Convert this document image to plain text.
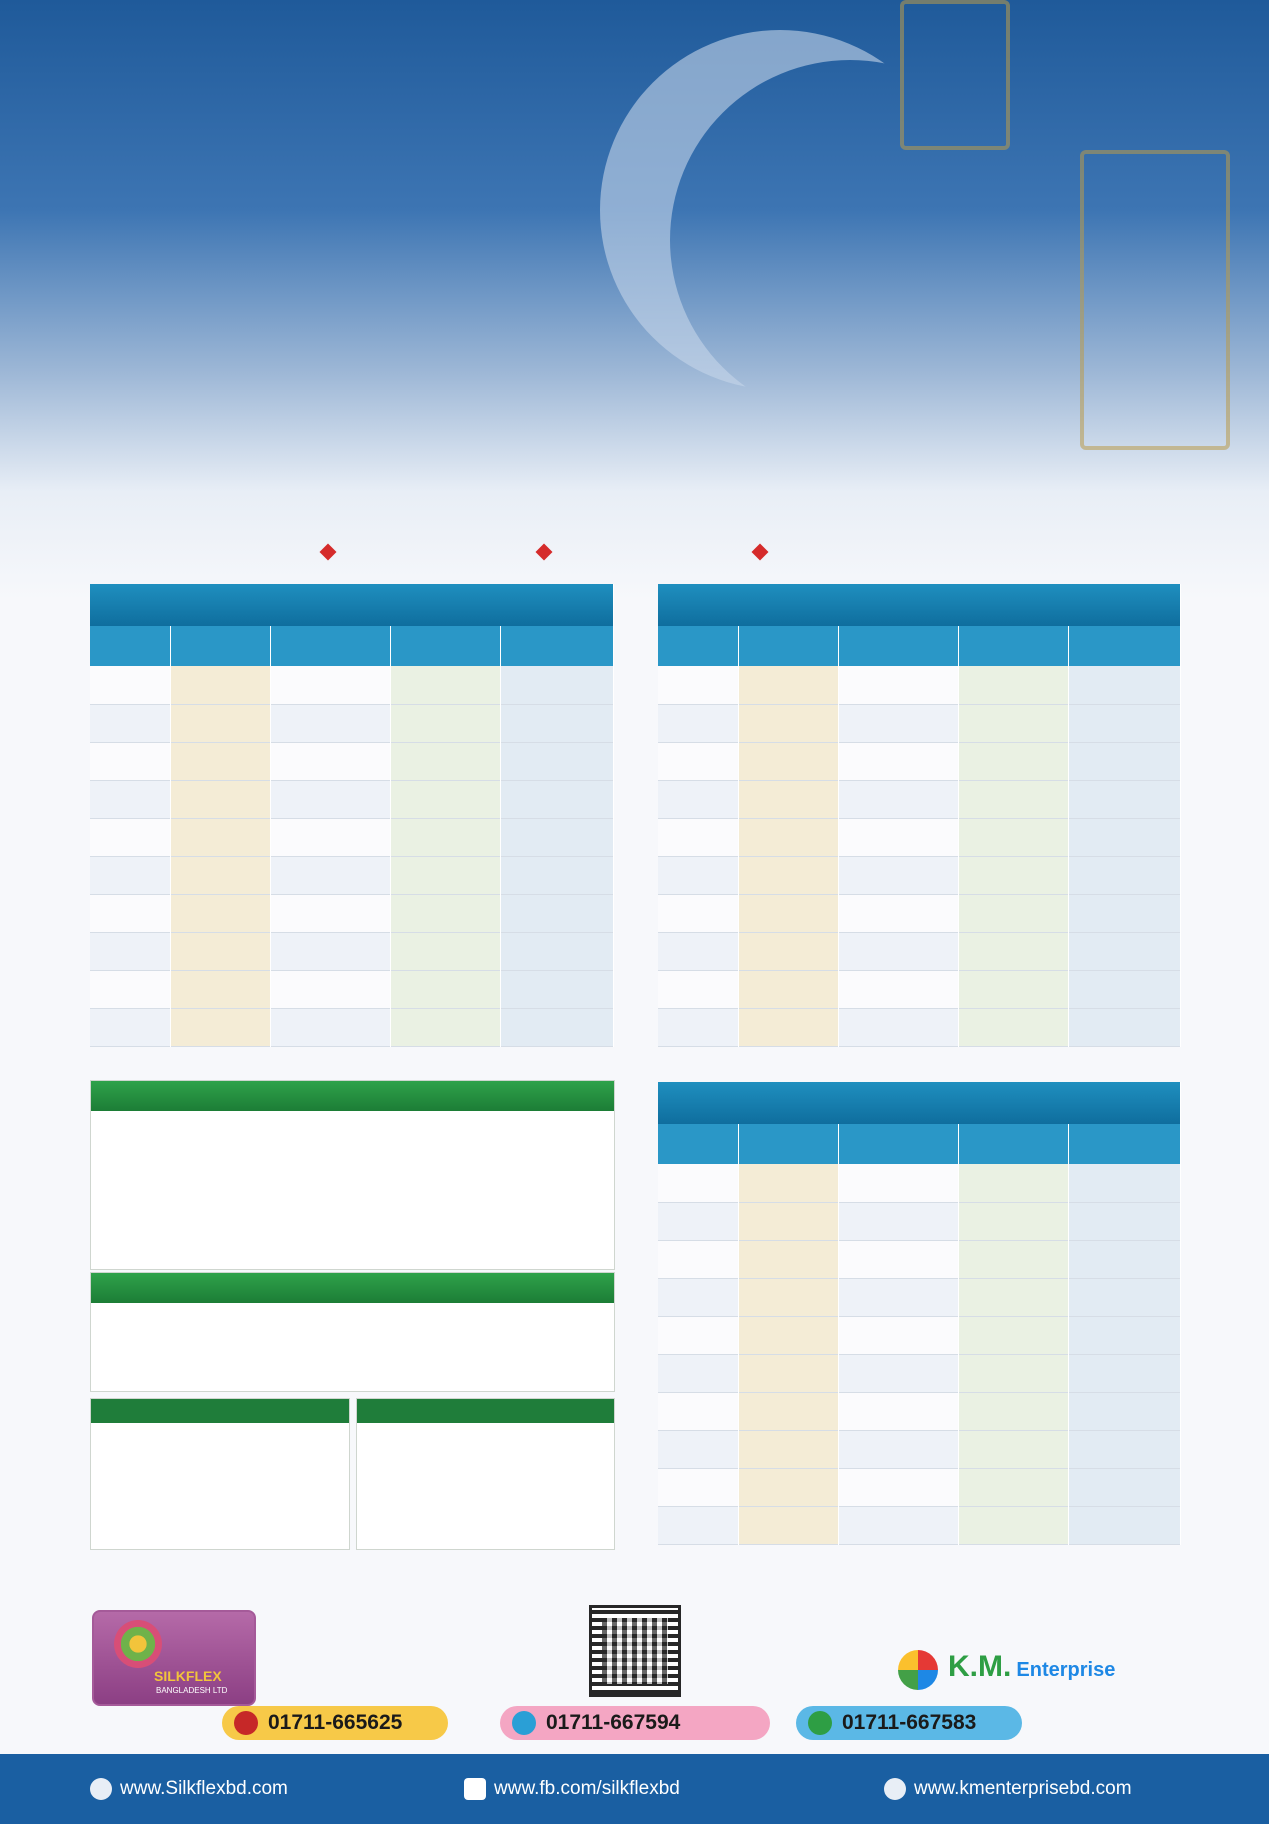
SILKFLEX
BANGLADESH LTD
K.M. Enterprise
01711-665625	01711-667594	01711-667583
www.Silkflexbd.com	www.fb.com/silkflexbd	www.kmenterprisebd.com
